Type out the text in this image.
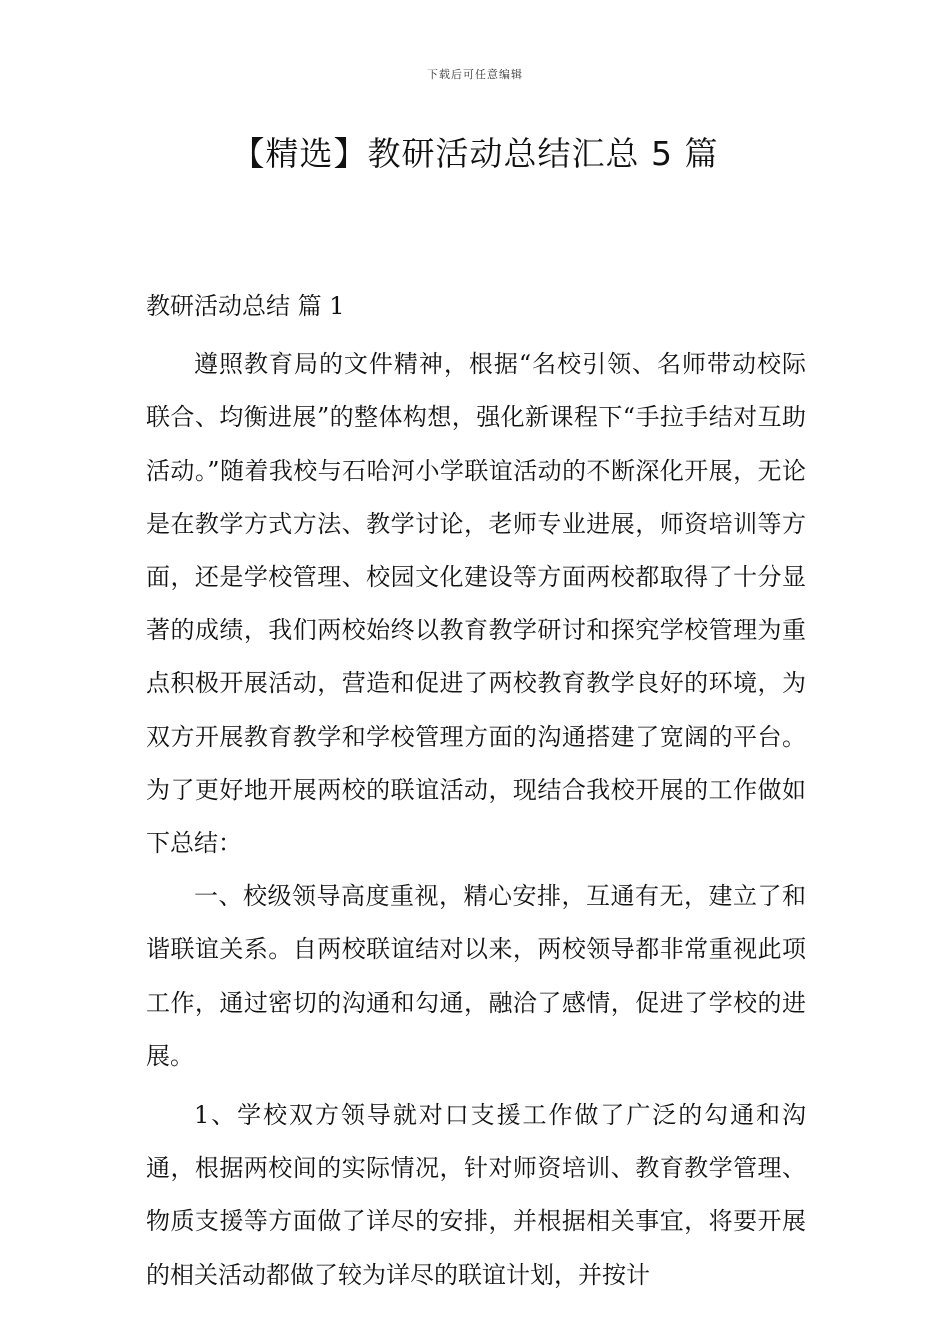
下载后可任意编辑
【精选】教研活动总结汇总 5 篇
教研活动总结 篇 1

遵照教育局的文件精神，根据“名校引领、名师带动校际联合、均衡进展”的整体构想，强化新课程下“手拉手结对互助活动。”随着我校与石哈河小学联谊活动的不断深化开展，无论是在教学方式方法、教学讨论，老师专业进展，师资培训等方面，还是学校管理、校园文化建设等方面两校都取得了十分显著的成绩，我们两校始终以教育教学研讨和探究学校管理为重点积极开展活动，营造和促进了两校教育教学良好的环境，为双方开展教育教学和学校管理方面的沟通搭建了宽阔的平台。为了更好地开展两校的联谊活动，现结合我校开展的工作做如下总结：

一、校级领导高度重视，精心安排，互通有无，建立了和谐联谊关系。自两校联谊结对以来，两校领导都非常重视此项工作，通过密切的沟通和勾通，融洽了感情，促进了学校的进展。

1、学校双方领导就对口支援工作做了广泛的勾通和沟通，根据两校间的实际情况，针对师资培训、教育教学管理、物质支援等方面做了详尽的安排，并根据相关事宜，将要开展的相关活动都做了较为详尽的联谊计划，并按计
